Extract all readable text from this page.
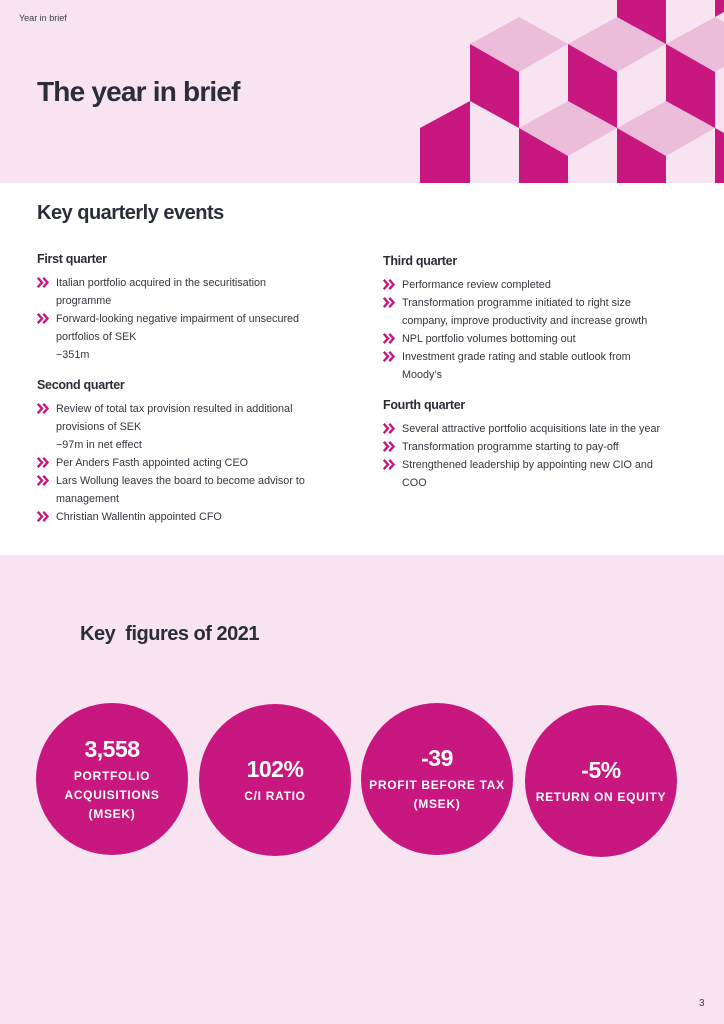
Year in brief
The year in brief
Key quarterly events
First quarter
Italian portfolio acquired in the securitisation
programme
Forward-looking negative impairment of unsecured
portfolios of SEK
−351m
Second quarter
Review of total tax provision resulted in additional
provisions of SEK
−97m in net effect
Per Anders Fasth appointed acting CEO
Lars Wollung leaves the board to become advisor to
management
Christian Wallentin appointed CFO
Third quarter
Performance review completed
Transformation programme initiated to right size
company, improve productivity and increase growth
NPL portfolio volumes bottoming out
Investment grade rating and stable outlook from
Moody’s
Fourth quarter
Several attractive portfolio acquisitions late in the year
Transformation programme starting to pay-off
Strengthened leadership by appointing new CIO and
COO
Key  figures of 2021
3,558
PORTFOLIO
ACQUISITIONS
(MSEK)
102%
C/I RATIO
-39
PROFIT BEFORE TAX
(MSEK)
-5%
RETURN ON EQUITY
3
